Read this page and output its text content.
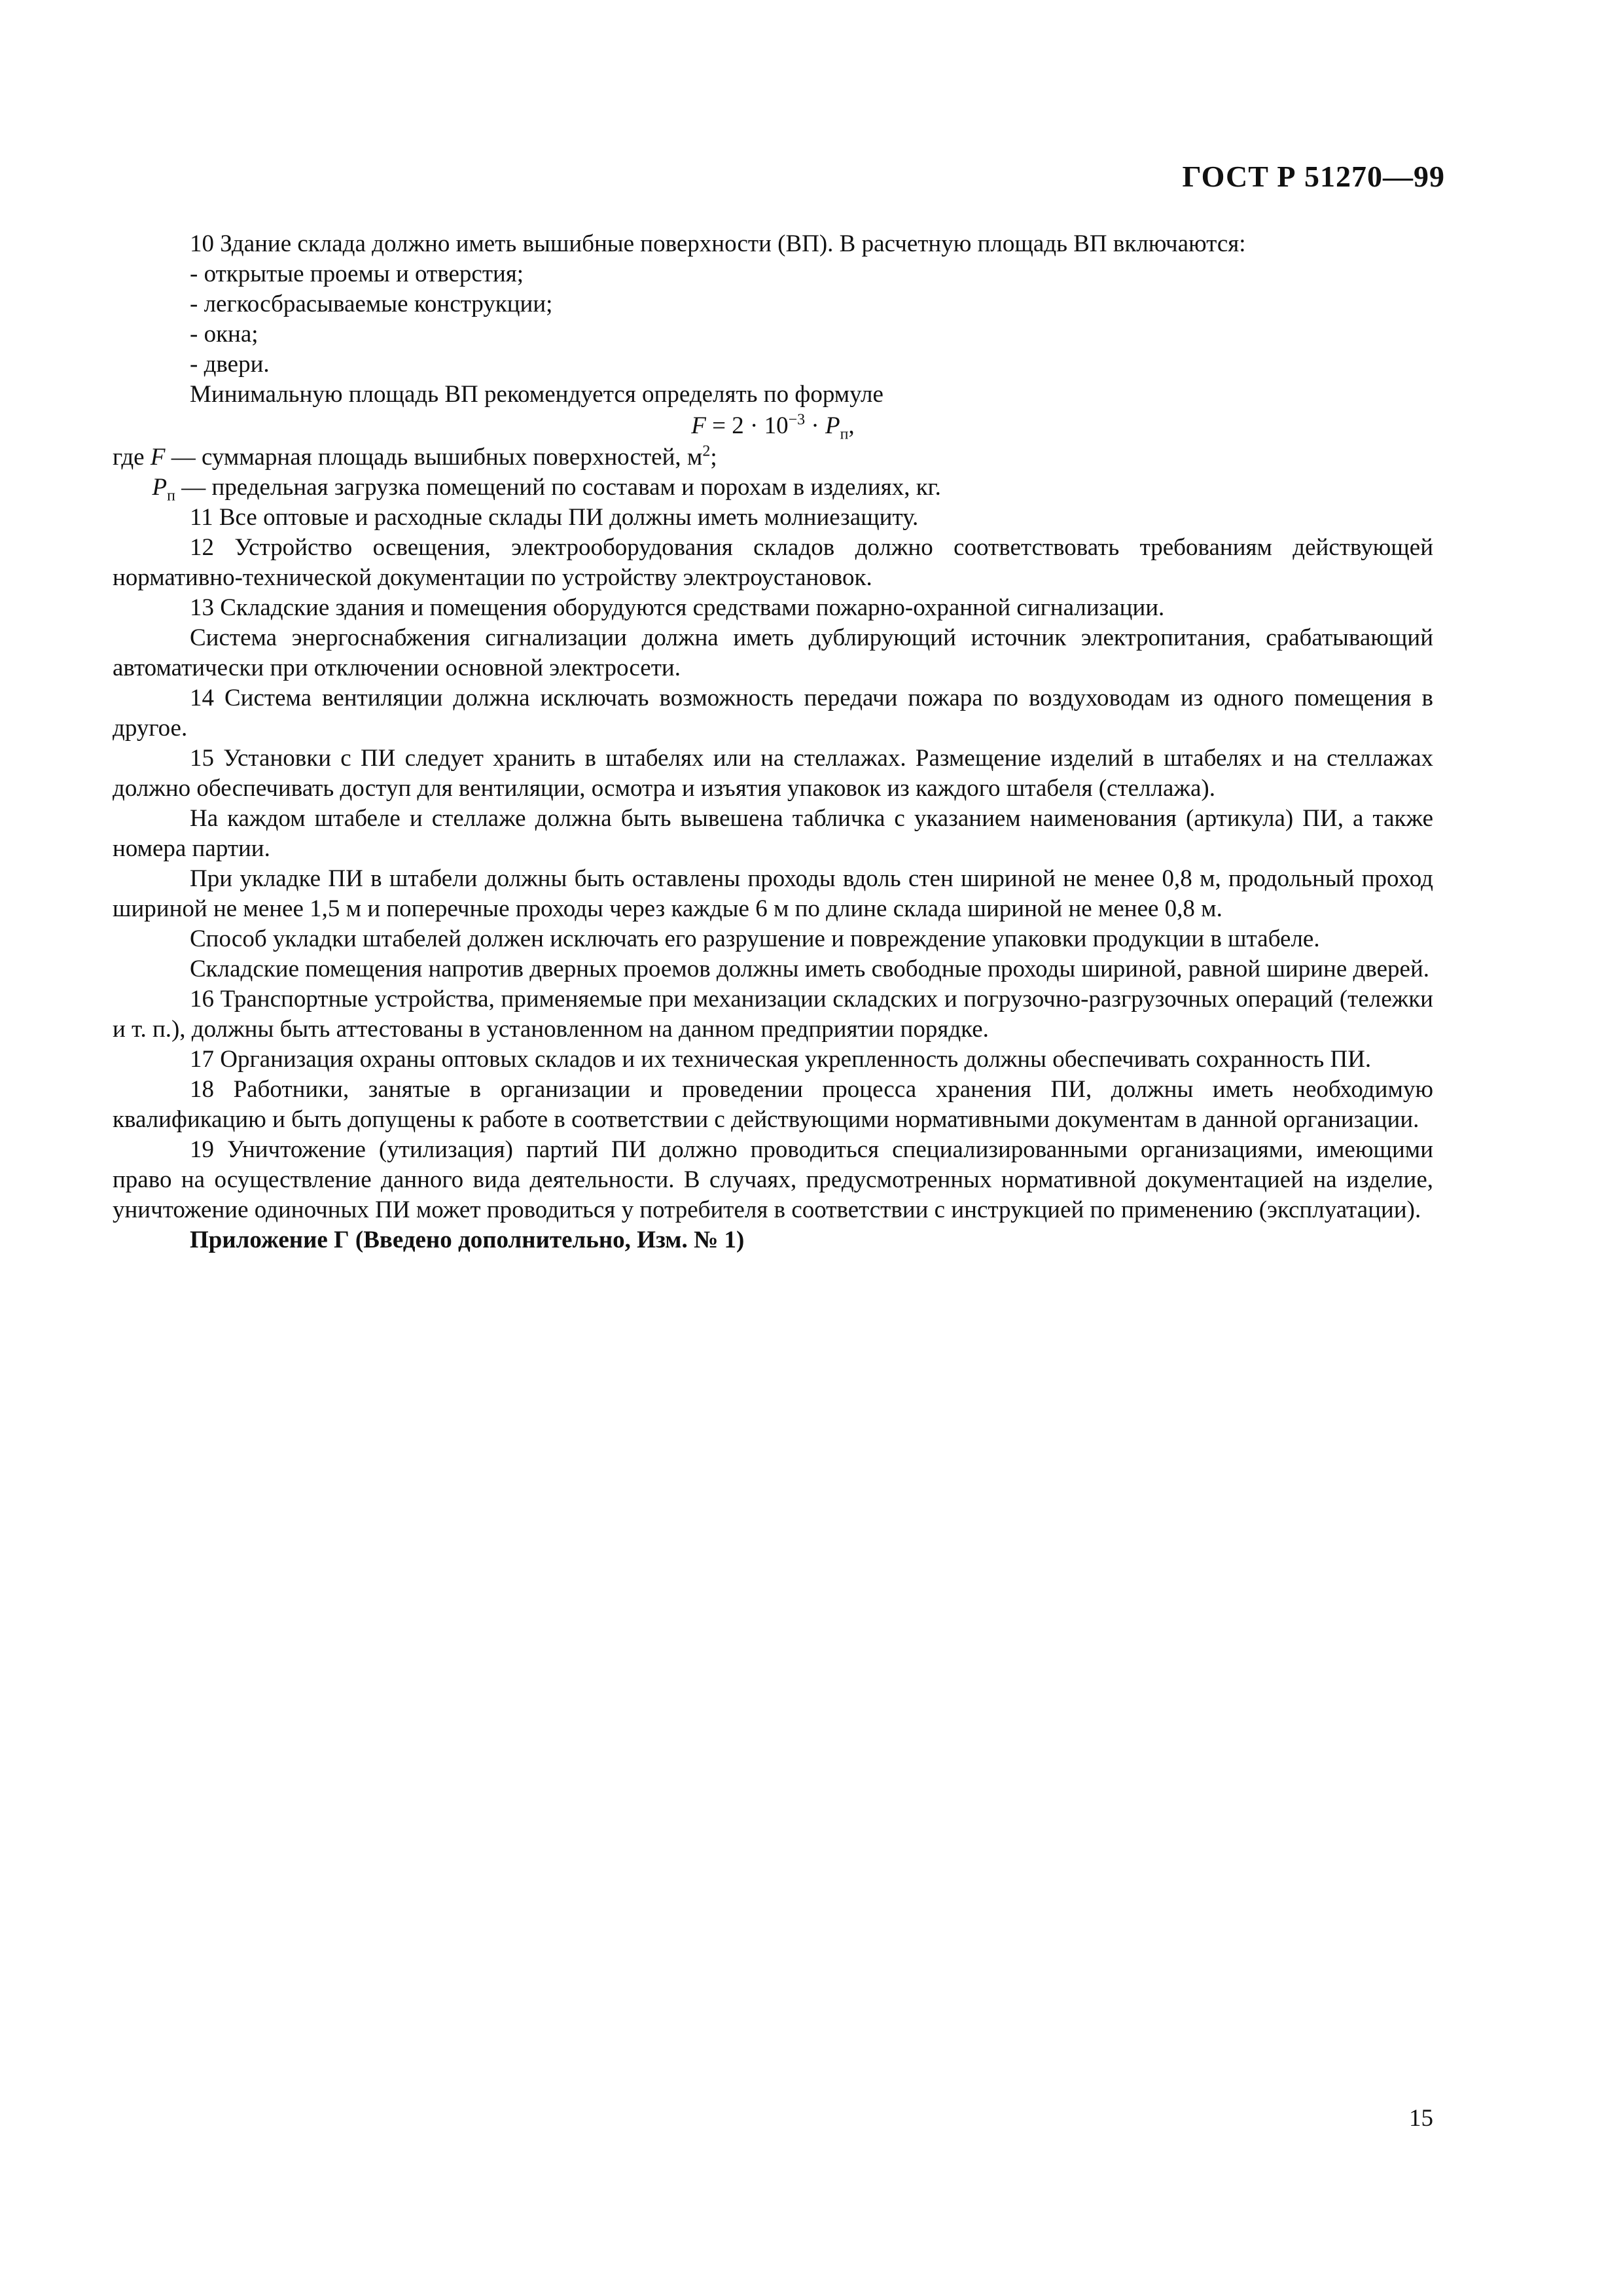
ГОСТ Р 51270—99

10 Здание склада должно иметь вышибные поверхности (ВП). В расчетную площадь ВП включаются:

- открытые проемы и отверстия;

- легкосбрасываемые конструкции;

- окна;

- двери.

Минимальную площадь ВП рекомендуется определять по формуле

$F = 2 \cdot 10^{-3} \cdot P_п$,
где F — суммарная площадь вышибных поверхностей, $м^2$;
$P_п$ — предельная загрузка помещений по составам и порохам в изделиях, кг.

11 Все оптовые и расходные склады ПИ должны иметь молниезащиту.

12 Устройство освещения, электрооборудования складов должно соответствовать требованиям действующей нормативно-технической документации по устройству электроустановок.

13 Складские здания и помещения оборудуются средствами пожарно-охранной сигнализации.

Система энергоснабжения сигнализации должна иметь дублирующий источник электропитания, срабатывающий автоматически при отключении основной электросети.

14 Система вентиляции должна исключать возможность передачи пожара по воздуховодам из одного помещения в другое.

15 Установки с ПИ следует хранить в штабелях или на стеллажах. Размещение изделий в штабелях и на стеллажах должно обеспечивать доступ для вентиляции, осмотра и изъятия упаковок из каждого штабеля (стеллажа).

На каждом штабеле и стеллаже должна быть вывешена табличка с указанием наименования (артикула) ПИ, а также номера партии.

При укладке ПИ в штабели должны быть оставлены проходы вдоль стен шириной не менее 0,8 м, продольный проход шириной не менее 1,5 м и поперечные проходы через каждые 6 м по длине склада шириной не менее 0,8 м.

Способ укладки штабелей должен исключать его разрушение и повреждение упаковки продукции в штабеле.

Складские помещения напротив дверных проемов должны иметь свободные проходы шириной, равной ширине дверей.

16 Транспортные устройства, применяемые при механизации складских и погрузочно-разгрузочных операций (тележки и т. п.), должны быть аттестованы в установленном на данном предприятии порядке.

17 Организация охраны оптовых складов и их техническая укрепленность должны обеспечивать сохранность ПИ.

18 Работники, занятые в организации и проведении процесса хранения ПИ, должны иметь необходимую квалификацию и быть допущены к работе в соответствии с действующими нормативными документам в данной организации.

19 Уничтожение (утилизация) партий ПИ должно проводиться специализированными организациями, имеющими право на осуществление данного вида деятельности. В случаях, предусмотренных нормативной документацией на изделие, уничтожение одиночных ПИ может проводиться у потребителя в соответствии с инструкцией по применению (эксплуатации).

Приложение Г (Введено дополнительно, Изм. № 1)

15
